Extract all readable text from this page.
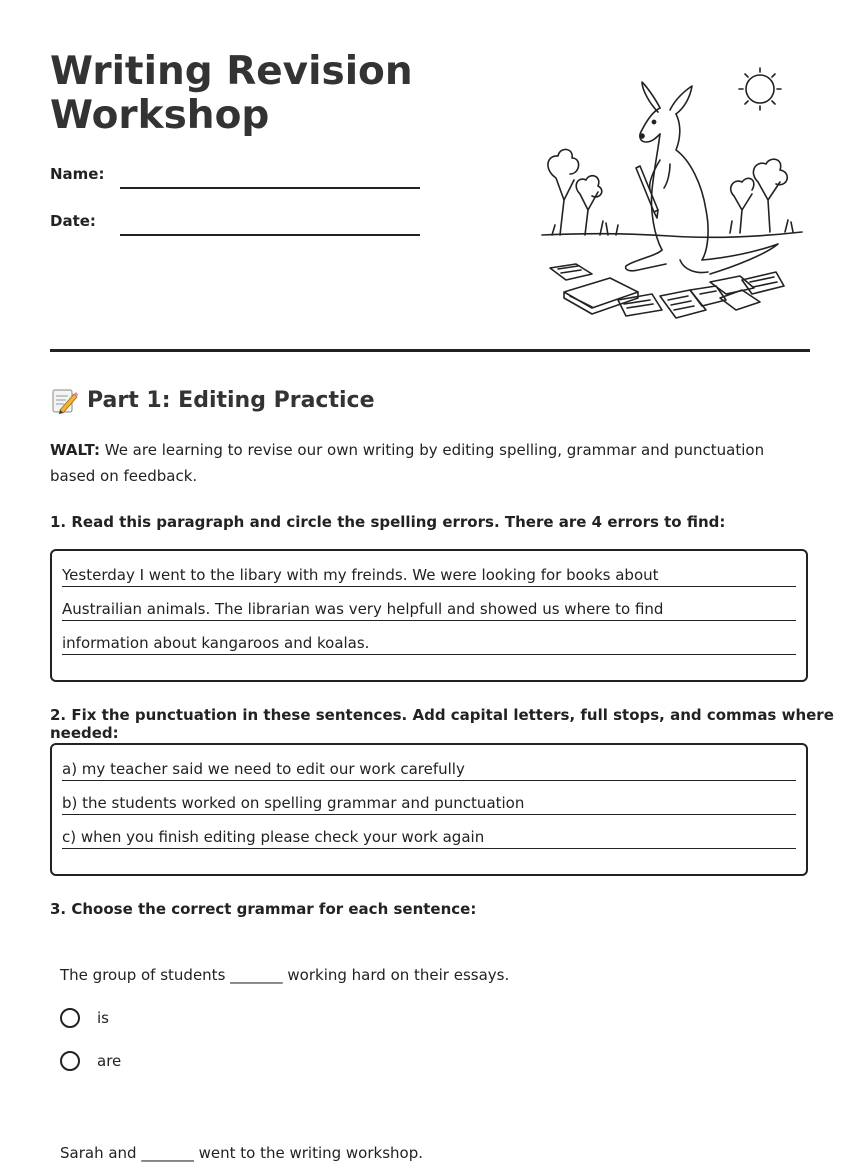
Writing Revision
Workshop
Name:
Date:
Part 1: Editing Practice
WALT: We are learning to revise our own writing by editing spelling, grammar and punctuation based on feedback.
1. Read this paragraph and circle the spelling errors. There are 4 errors to find:
Yesterday I went to the libary with my freinds. We were looking for books about
Austrailian animals. The librarian was very helpfull and showed us where to find
information about kangaroos and koalas.
2. Fix the punctuation in these sentences. Add capital letters, full stops, and commas where needed:
a) my teacher said we need to edit our work carefully
b) the students worked on spelling grammar and punctuation
c) when you finish editing please check your work again
3. Choose the correct grammar for each sentence:
The group of students _______ working hard on their essays.
is
are
Sarah and _______ went to the writing workshop.
